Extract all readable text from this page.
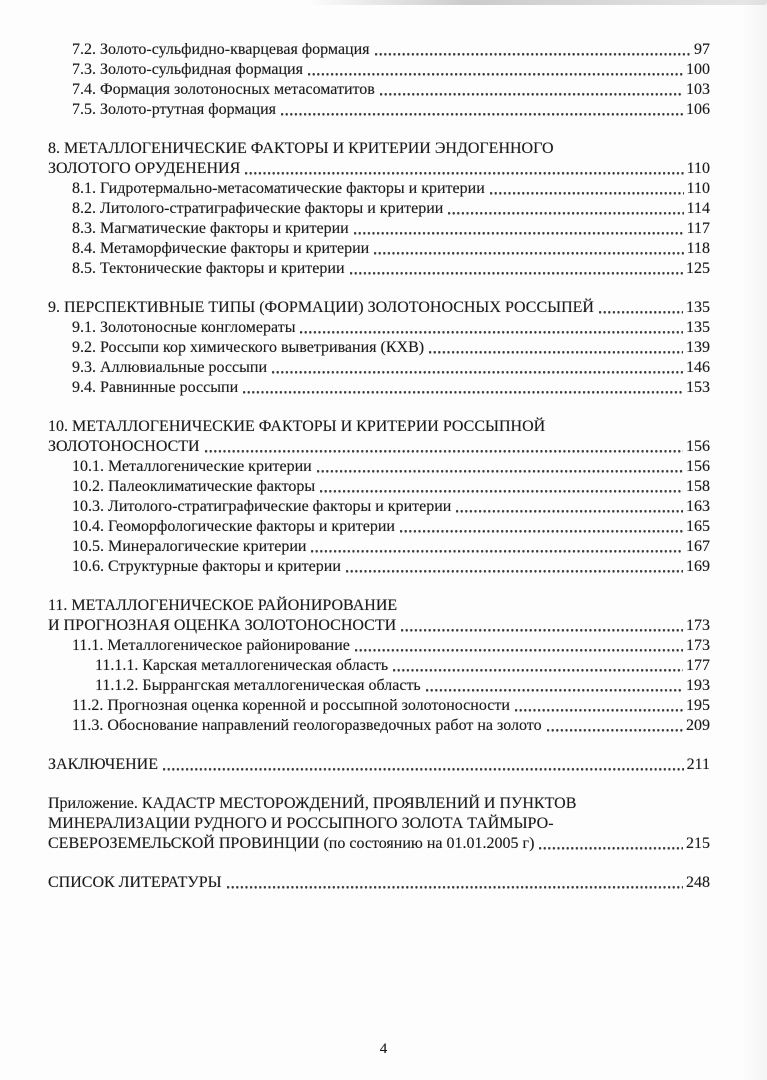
7.2. Золото-сульфидно-кварцевая формация	97
7.3. Золото-сульфидная формация	100
7.4. Формация золотоносных метасоматитов	103
7.5. Золото-ртутная формация	106
8. МЕТАЛЛОГЕНИЧЕСКИЕ ФАКТОРЫ И КРИТЕРИИ ЭНДОГЕННОГО
ЗОЛОТОГО ОРУДЕНЕНИЯ	110
8.1. Гидротермально-метасоматические факторы и критерии	110
8.2. Литолого-стратиграфические факторы и критерии	114
8.3. Магматические факторы и критерии	117
8.4. Метаморфические факторы и критерии	118
8.5. Тектонические факторы и критерии	125
9. ПЕРСПЕКТИВНЫЕ ТИПЫ (ФОРМАЦИИ) ЗОЛОТОНОСНЫХ РОССЫПЕЙ	135
9.1. Золотоносные конгломераты	135
9.2. Россыпи кор химического выветривания (КХВ)	139
9.3. Аллювиальные россыпи	146
9.4. Равнинные россыпи	153
10. МЕТАЛЛОГЕНИЧЕСКИЕ ФАКТОРЫ И КРИТЕРИИ РОССЫПНОЙ
ЗОЛОТОНОСНОСТИ	156
10.1. Металлогенические критерии	156
10.2. Палеоклиматические факторы	158
10.3. Литолого-стратиграфические факторы и критерии	163
10.4. Геоморфологические факторы и критерии	165
10.5. Минералогические критерии	167
10.6. Структурные факторы и критерии	169
11. МЕТАЛЛОГЕНИЧЕСКОЕ РАЙОНИРОВАНИЕ
И ПРОГНОЗНАЯ ОЦЕНКА ЗОЛОТОНОСНОСТИ	173
11.1. Металлогеническое районирование	173
11.1.1. Карская металлогеническая область	177
11.1.2. Быррангская металлогеническая область	193
11.2. Прогнозная оценка коренной и россыпной золотоносности	195
11.3. Обоснование направлений геологоразведочных работ на золото	209
ЗАКЛЮЧЕНИЕ	211
Приложение. КАДАСТР МЕСТОРОЖДЕНИЙ, ПРОЯВЛЕНИЙ И ПУНКТОВ
МИНЕРАЛИЗАЦИИ РУДНОГО И РОССЫПНОГО ЗОЛОТА ТАЙМЫРО-
СЕВЕРОЗЕМЕЛЬСКОЙ ПРОВИНЦИИ (по состоянию на 01.01.2005 г)	215
СПИСОК ЛИТЕРАТУРЫ	248
4
